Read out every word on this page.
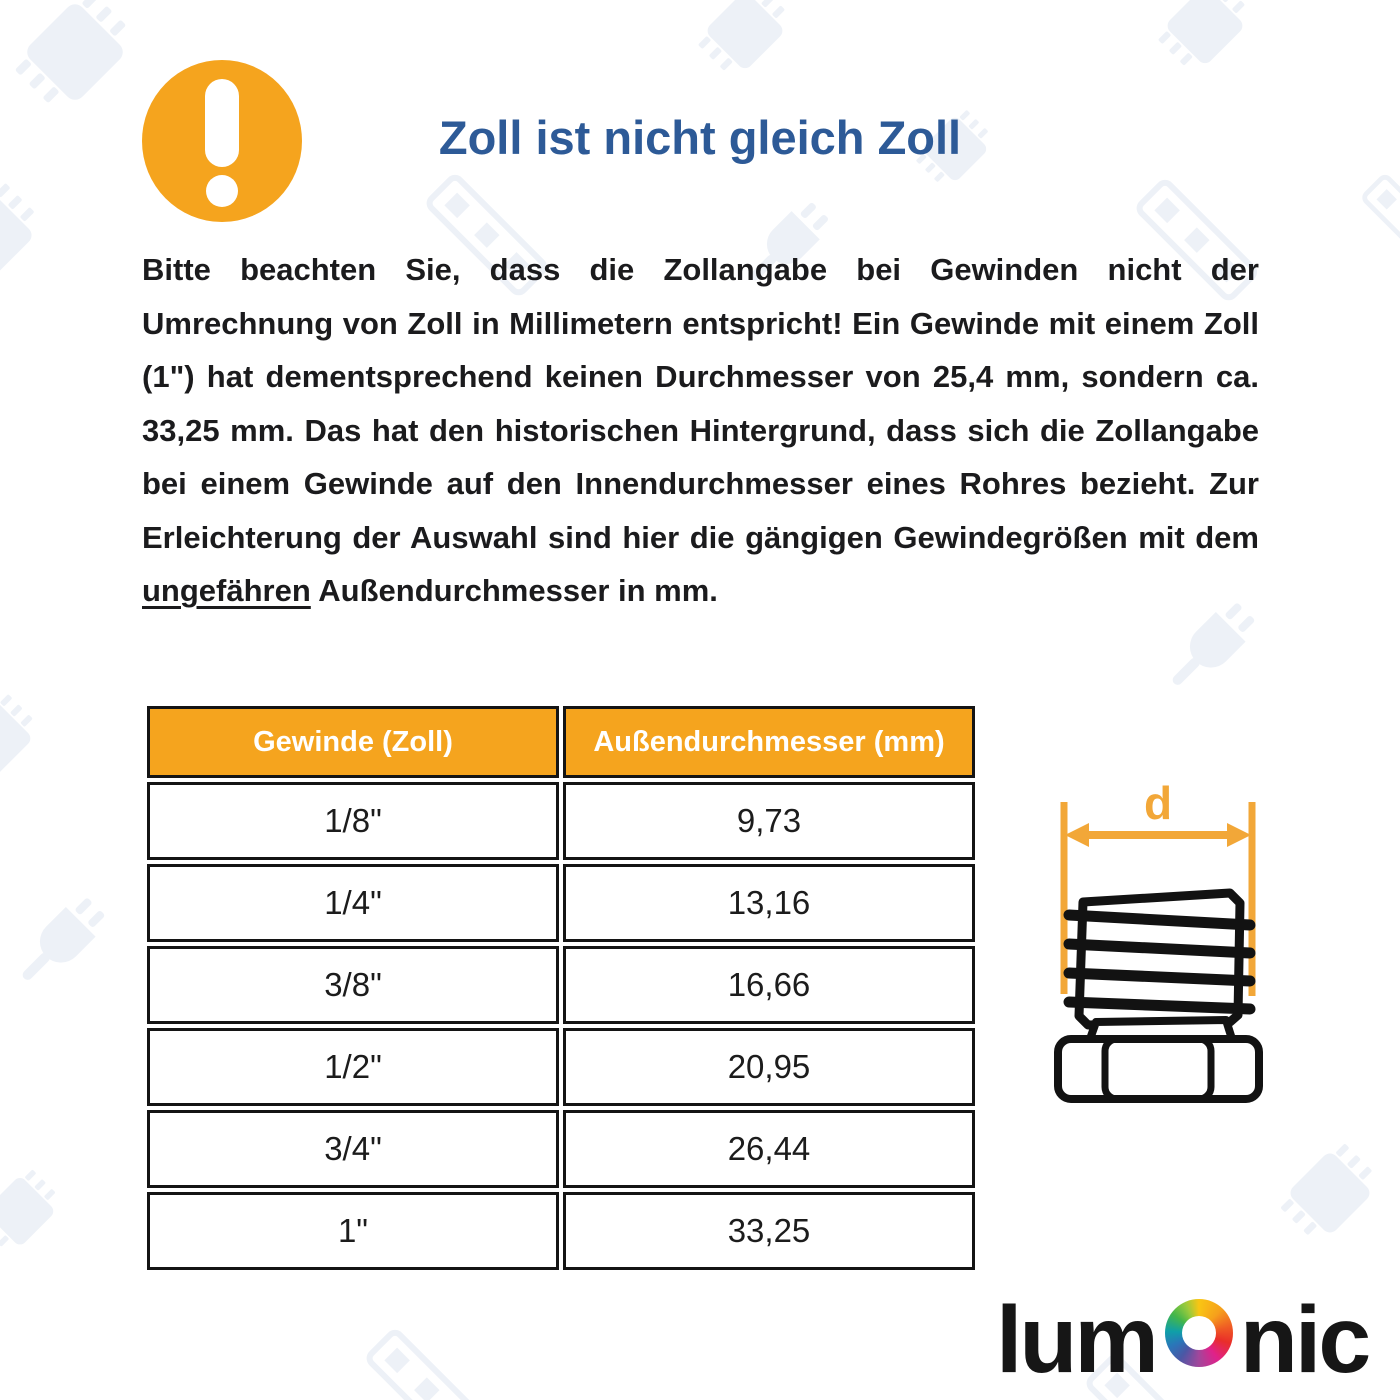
Zoll ist nicht gleich Zoll

Bitte beachten Sie, dass die Zollangabe bei Gewinden nicht der Umrechnung von Zoll in Millimetern entspricht! Ein Gewinde mit einem Zoll (1") hat dementsprechend keinen Durchmesser von 25,4 mm, sondern ca. 33,25 mm. Das hat den historischen Hintergrund, dass sich die Zollangabe bei einem Gewinde auf den Innendurchmesser eines Rohres bezieht. Zur Erleichterung der Auswahl sind hier die gängigen Gewindegrößen mit dem ungefähren Außendurchmesser in mm.

Gewinde (Zoll)	Außendurchmesser (mm)
1/8"	9,73
1/4"	13,16
3/8"	16,66
1/2"	20,95
3/4"	26,44
1"	33,25
d
lum nic
